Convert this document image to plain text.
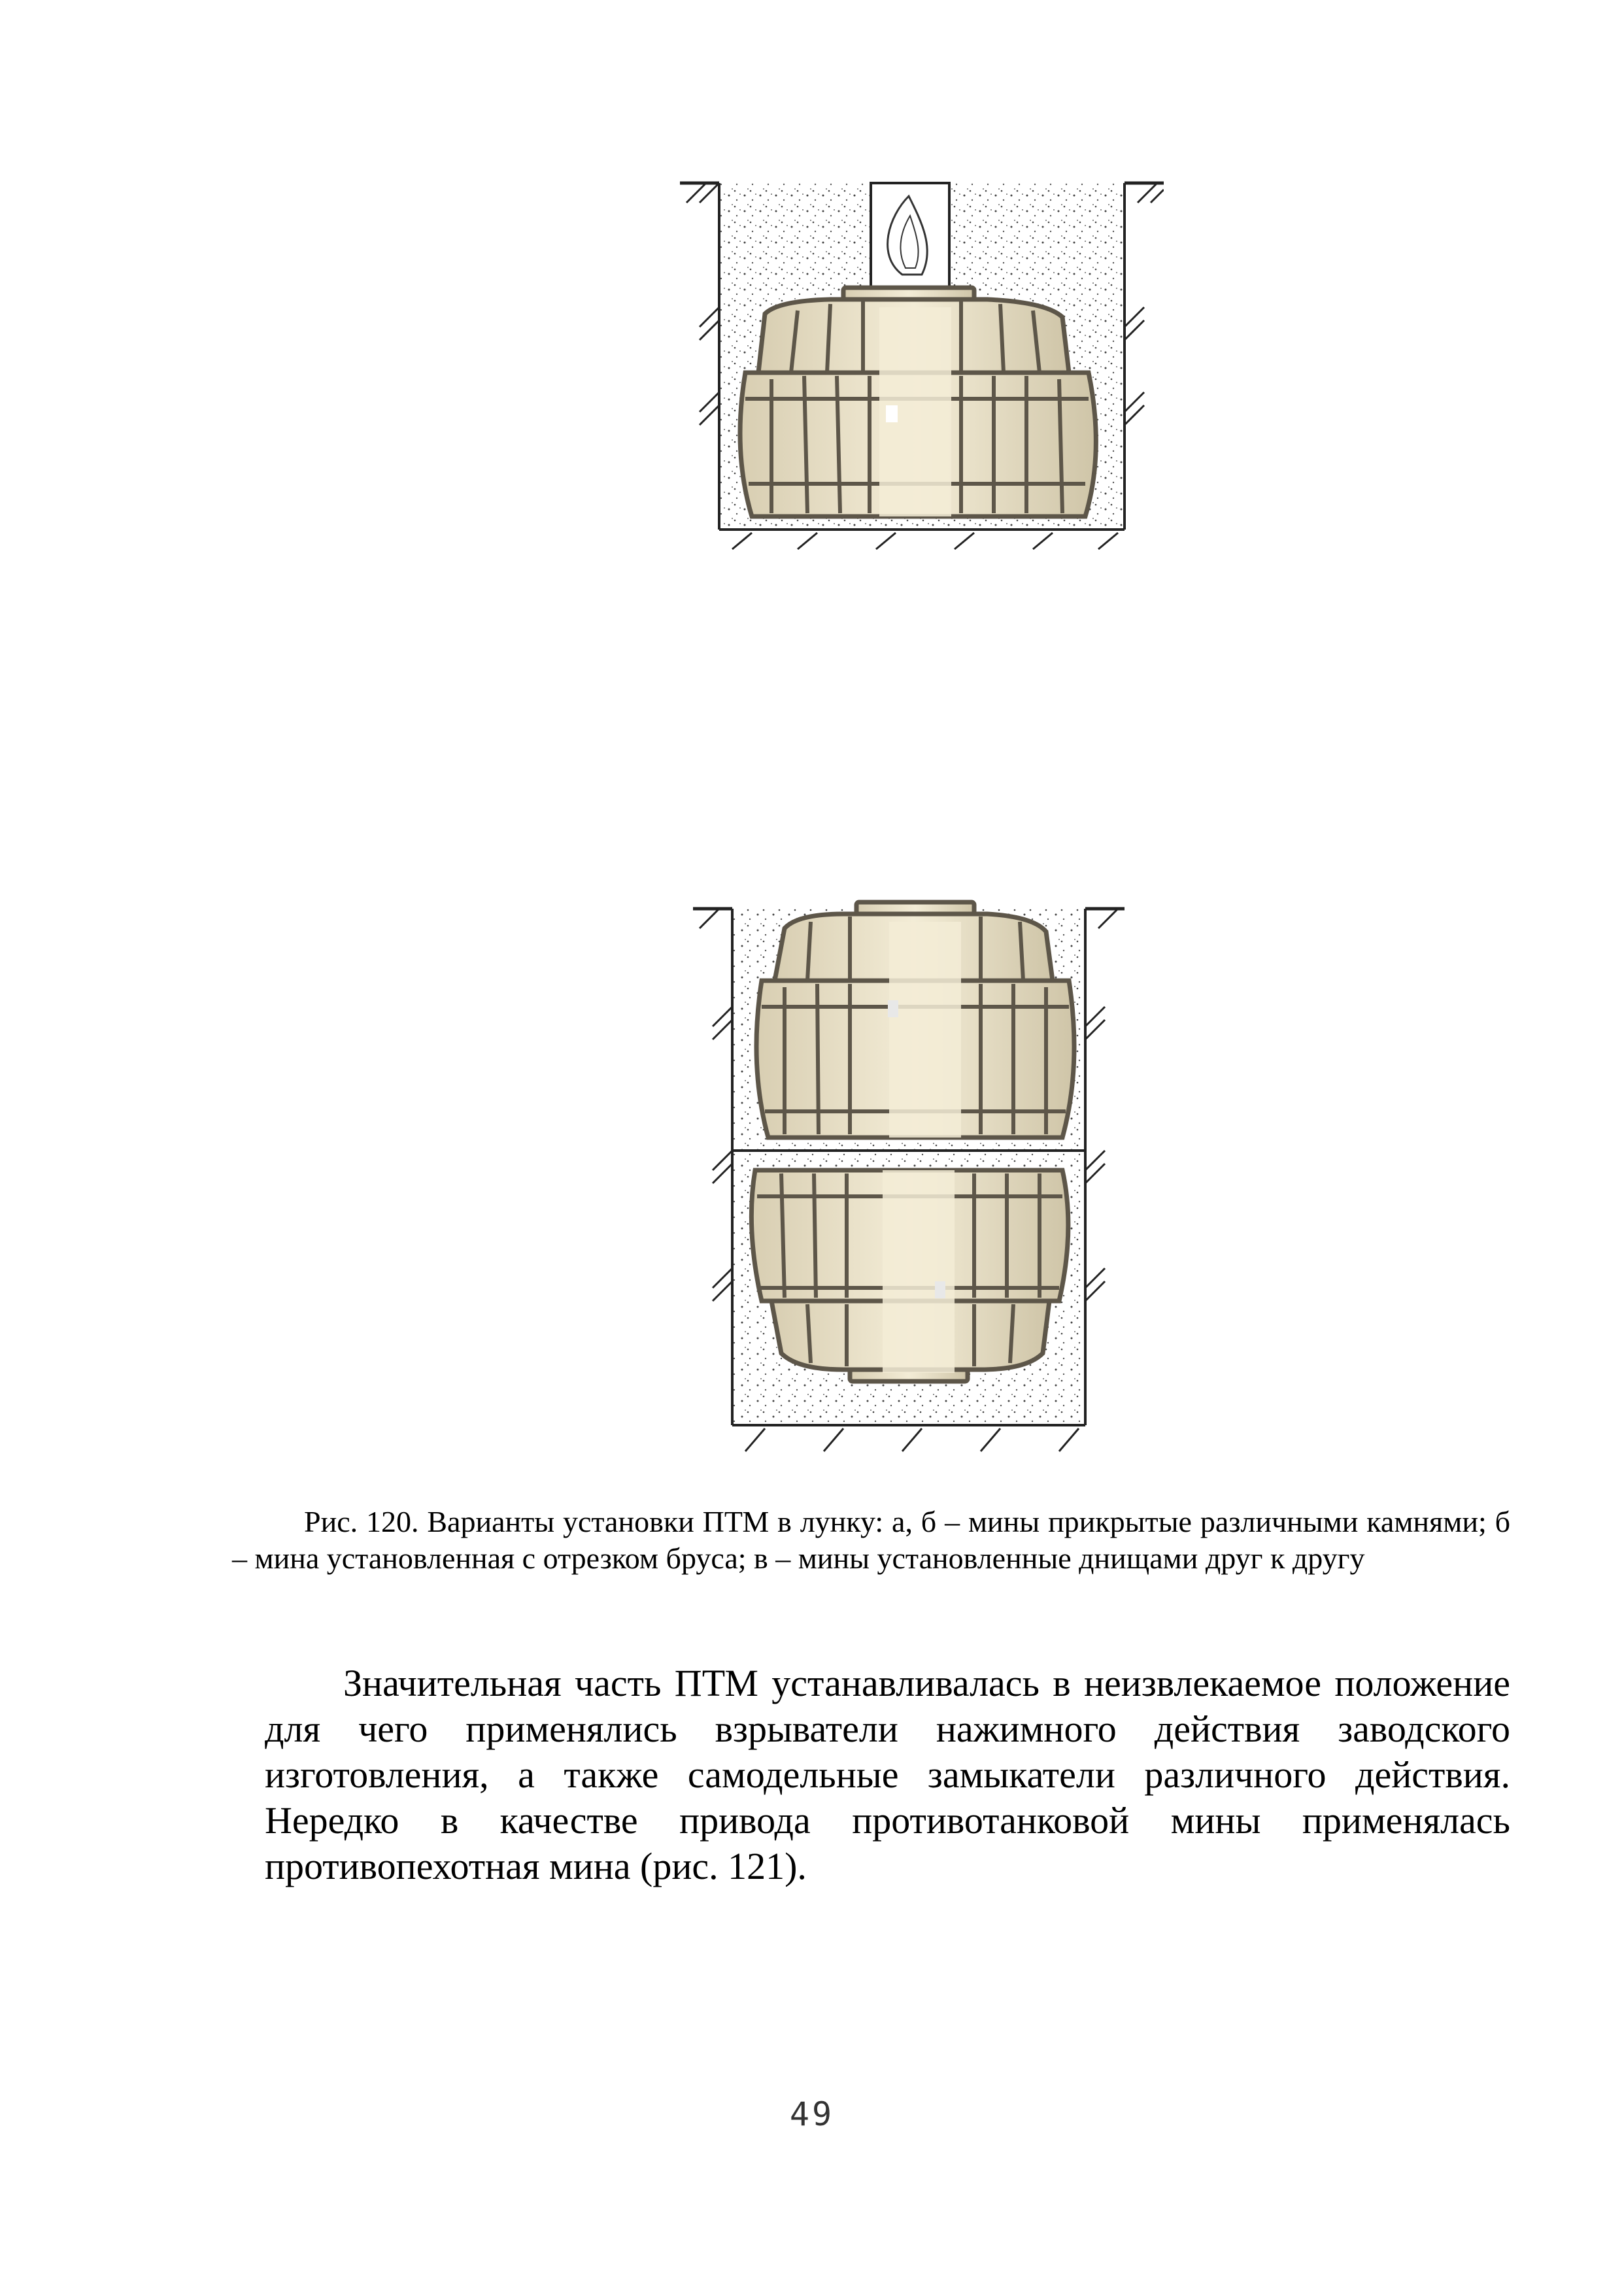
Рис. 120. Варианты установки ПТМ в лунку: а, б – мины прикрытые различными камнями; б – мина установленная с отрезком бруса; в – мины установленные днищами друг к другу
Значительная часть ПТМ устанавливалась в неизвлекаемое положение для чего применялись взрыватели нажимного действия заводского изготовления, а также самодельные замыкатели различного действия. Нередко в качестве привода противотанковой мины применялась противопехотная мина (рис. 121).
49
